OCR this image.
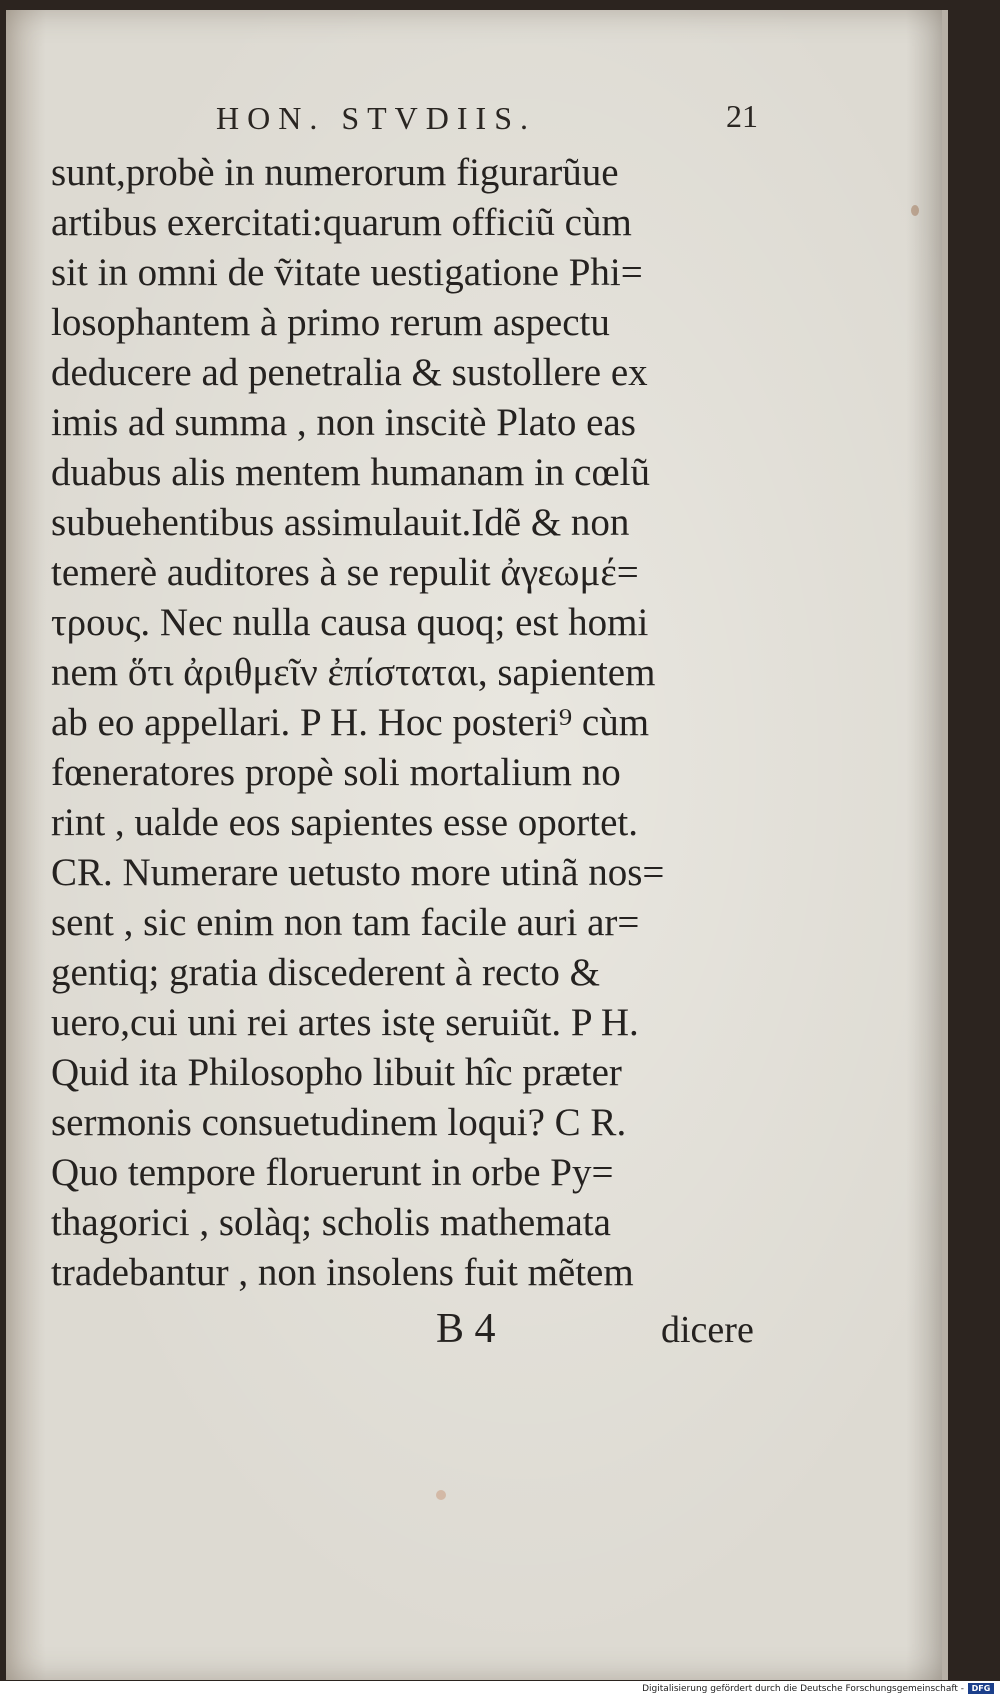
HON. STVDIIS.	21
sunt,probè in numerorum figurarũue
artibus exercitati:quarum officiũ cùm
sit in omni de ṽitate uestigatione Phi=
losophantem à primo rerum aspectu
deducere ad penetralia & sustollere ex
imis ad summa , non inscitè Plato eas
duabus alis mentem humanam in cœlũ
subuehentibus assimulauit.Idẽ & non
temerè auditores à se repulit ἀγεωμέ=
τρους. Nec nulla causa quoq; est homi
nem ὅτι ἀριθμεῖν ἐπίσταται, sapientem
ab eo appellari. P H. Hoc posteri⁹ cùm
fœneratores propè soli mortalium no
rint , ualde eos sapientes esse oportet.
CR. Numerare uetusto more utinã nos=
sent , sic enim non tam facile auri ar=
gentiq; gratia discederent à recto &
uero,cui uni rei artes istę seruiũt. P H.
Quid ita Philosopho libuit hîc præter
sermonis consuetudinem loqui? C R.
Quo tempore floruerunt in orbe Py=
thagorici , solàq; scholis mathemata
tradebantur , non insolens fuit mẽtem
B 4	dicere
Digitalisierung gefördert durch die Deutsche Forschungsgemeinschaft - DFG
